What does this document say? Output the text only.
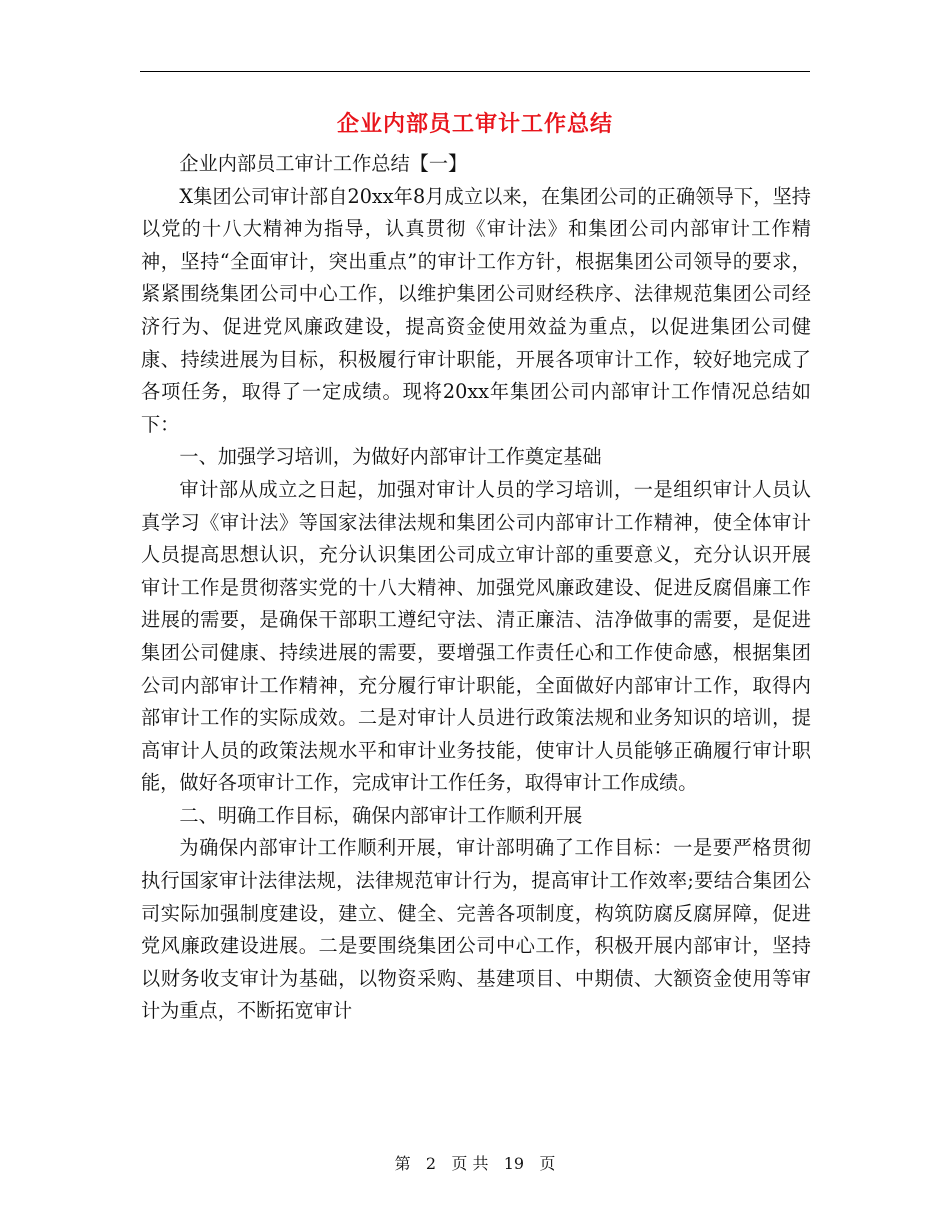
企业内部员工审计工作总结

企业内部员工审计工作总结【一】

X集团公司审计部自20xx年8月成立以来，在集团公司的正确领导下，坚持以党的十八大精神为指导，认真贯彻《审计法》和集团公司内部审计工作精神，坚持“全面审计，突出重点”的审计工作方针，根据集团公司领导的要求，紧紧围绕集团公司中心工作，以维护集团公司财经秩序、法律规范集团公司经济行为、促进党风廉政建设，提高资金使用效益为重点，以促进集团公司健康、持续进展为目标，积极履行审计职能，开展各项审计工作，较好地完成了各项任务，取得了一定成绩。现将20xx年集团公司内部审计工作情况总结如下：

一、加强学习培训，为做好内部审计工作奠定基础

审计部从成立之日起，加强对审计人员的学习培训，一是组织审计人员认真学习《审计法》等国家法律法规和集团公司内部审计工作精神，使全体审计人员提高思想认识，充分认识集团公司成立审计部的重要意义，充分认识开展审计工作是贯彻落实党的十八大精神、加强党风廉政建设、促进反腐倡廉工作进展的需要，是确保干部职工遵纪守法、清正廉洁、洁净做事的需要，是促进集团公司健康、持续进展的需要，要增强工作责任心和工作使命感，根据集团公司内部审计工作精神，充分履行审计职能，全面做好内部审计工作，取得内部审计工作的实际成效。二是对审计人员进行政策法规和业务知识的培训，提高审计人员的政策法规水平和审计业务技能，使审计人员能够正确履行审计职能，做好各项审计工作，完成审计工作任务，取得审计工作成绩。

二、明确工作目标，确保内部审计工作顺利开展

为确保内部审计工作顺利开展，审计部明确了工作目标：一是要严格贯彻执行国家审计法律法规，法律规范审计行为，提高审计工作效率;要结合集团公司实际加强制度建设，建立、健全、完善各项制度，构筑防腐反腐屏障，促进党风廉政建设进展。二是要围绕集团公司中心工作，积极开展内部审计，坚持以财务收支审计为基础，以物资采购、基建项目、中期债、大额资金使用等审计为重点，不断拓宽审计

第 2 页 共 19 页
